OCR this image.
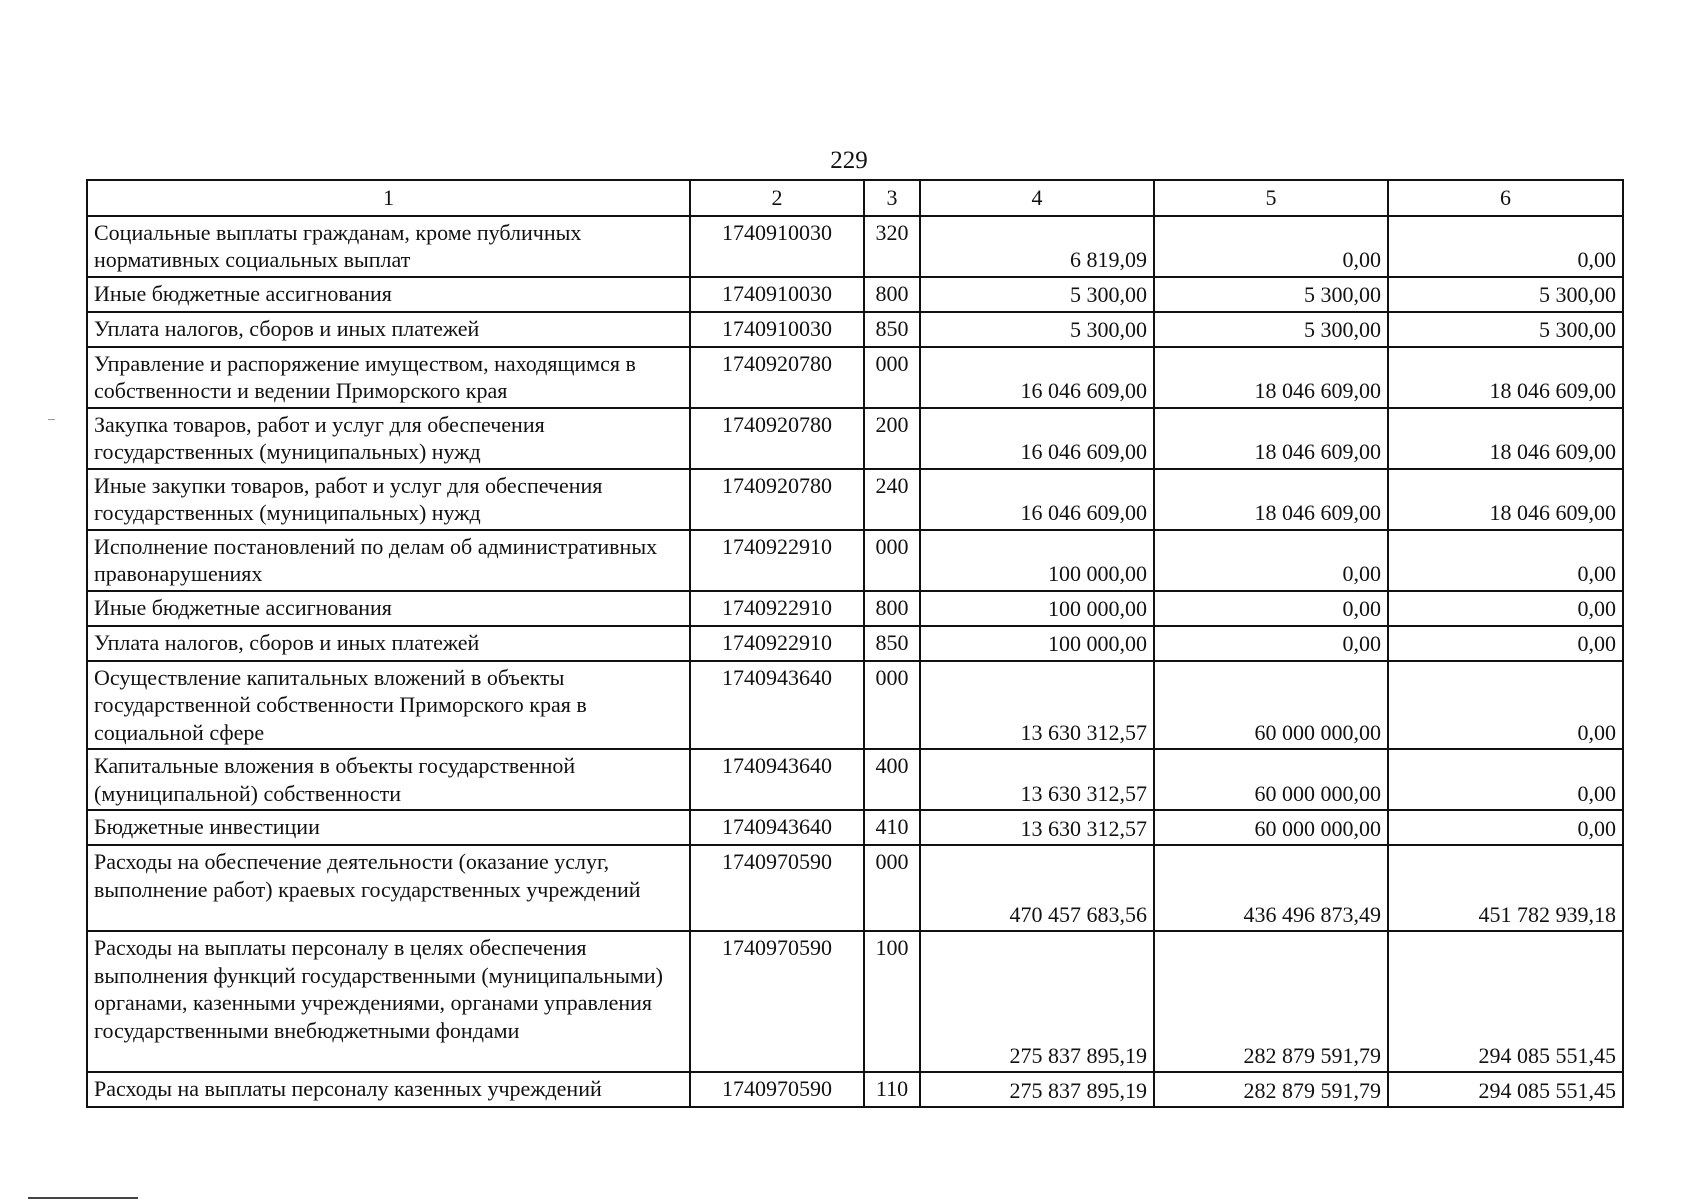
229
1	2	3	4	5	6
Социальные выплаты гражданам, кроме публичных нормативных социальных выплат	1740910030	320	6 819,09	0,00	0,00
Иные бюджетные ассигнования	1740910030	800	5 300,00	5 300,00	5 300,00
Уплата налогов, сборов и иных платежей	1740910030	850	5 300,00	5 300,00	5 300,00
Управление и распоряжение имуществом, находящимся в собственности и ведении Приморского края	1740920780	000	16 046 609,00	18 046 609,00	18 046 609,00
Закупка товаров, работ и услуг для обеспечения государственных (муниципальных) нужд	1740920780	200	16 046 609,00	18 046 609,00	18 046 609,00
Иные закупки товаров, работ и услуг для обеспечения государственных (муниципальных) нужд	1740920780	240	16 046 609,00	18 046 609,00	18 046 609,00
Исполнение постановлений по делам об административных правонарушениях	1740922910	000	100 000,00	0,00	0,00
Иные бюджетные ассигнования	1740922910	800	100 000,00	0,00	0,00
Уплата налогов, сборов и иных платежей	1740922910	850	100 000,00	0,00	0,00
Осуществление капитальных вложений в объекты государственной собственности Приморского края в социальной сфере	1740943640	000	13 630 312,57	60 000 000,00	0,00
Капитальные вложения в объекты государственной (муниципальной) собственности	1740943640	400	13 630 312,57	60 000 000,00	0,00
Бюджетные инвестиции	1740943640	410	13 630 312,57	60 000 000,00	0,00
Расходы на обеспечение деятельности (оказание услуг, выполнение работ) краевых государственных учреждений	1740970590	000	470 457 683,56	436 496 873,49	451 782 939,18
Расходы на выплаты персоналу в целях обеспечения выполнения функций государственными (муниципальными) органами, казенными учреждениями, органами управления государственными внебюджетными фондами	1740970590	100	275 837 895,19	282 879 591,79	294 085 551,45
Расходы на выплаты персоналу казенных учреждений	1740970590	110	275 837 895,19	282 879 591,79	294 085 551,45
